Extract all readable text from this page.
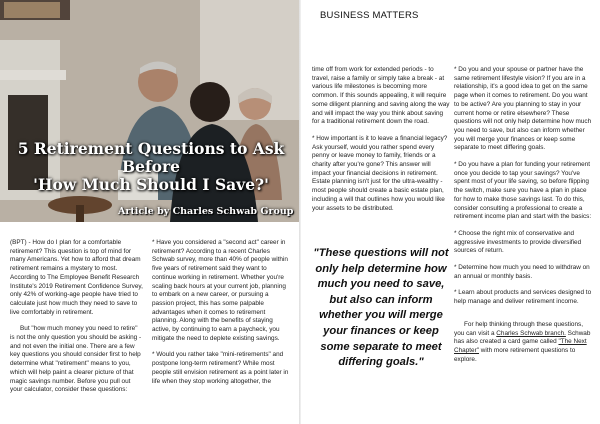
5 Retirement Questions to Ask Before
'How Much Should I Save?'
Article by Charles Schwab Group

(BPT) - How do I plan for a comfortable retirement? This question is top of mind for many Americans. Yet how to afford that dream retirement remains a mystery to most. According to The Employee Benefit Research Institute's 2019 Retirement Confidence Survey, only 42% of working-age people have tried to calculate just how much they need to save to live comfortably in retirement.

But "how much money you need to retire" is not the only question you should be asking - and not even the initial one. There are a few key questions you should consider first to help determine what "retirement" means to you, which will help paint a clearer picture of that magic savings number. Before you pull out your calculator, consider these questions:

* Have you considered a "second act" career in retirement? According to a recent Charles Schwab survey, more than 40% of people within five years of retirement said they want to continue working in retirement. Whether you're scaling back hours at your current job, planning to embark on a new career, or pursuing a passion project, this has some palpable advantages when it comes to retirement planning. Along with the benefits of staying active, by continuing to earn a paycheck, you mitigate the need to deplete existing savings.

* Would you rather take "mini-retirements" and postpone long-term retirement? While most people still envision retirement as a point later in life when they stop working altogether, the

BUSINESS MATTERS

time off from work for extended periods - to travel, raise a family or simply take a break - at various life milestones is becoming more common. If this sounds appealing, it will require some diligent planning and saving along the way and will impact the way you think about saving for a traditional retirement down the road.

* How important is it to leave a financial legacy? Ask yourself, would you rather spend every penny or leave money to family, friends or a charity after you're gone? This answer will impact your financial decisions in retirement. Estate planning isn't just for the ultra-wealthy - most people should create a basic estate plan, including a will that outlines how you would like your assets to be distributed.

"These questions will not only help determine how much you need to save, but also can inform whether you will merge your finances or keep some separate to meet differing goals."

* Do you and your spouse or partner have the same retirement lifestyle vision? If you are in a relationship, it's a good idea to get on the same page when it comes to retirement. Do you want to be active? Are you planning to stay in your current home or retire elsewhere? These questions will not only help determine how much you need to save, but also can inform whether you will merge your finances or keep some separate to meet differing goals.

* Do you have a plan for funding your retirement once you decide to tap your savings? You've spent most of your life saving, so before flipping the switch, make sure you have a plan in place for how to make those savings last. To do this, consider consulting a professional to create a retirement income plan and start with the basics:

* Choose the right mix of conservative and aggressive investments to provide diversified sources of return.

* Determine how much you need to withdraw on an annual or monthly basis.

* Learn about products and services designed to help manage and deliver retirement income.

For help thinking through these questions, you can visit a Charles Schwab branch. Schwab has also created a card game called "The Next Chapter" with more retirement questions to explore.
